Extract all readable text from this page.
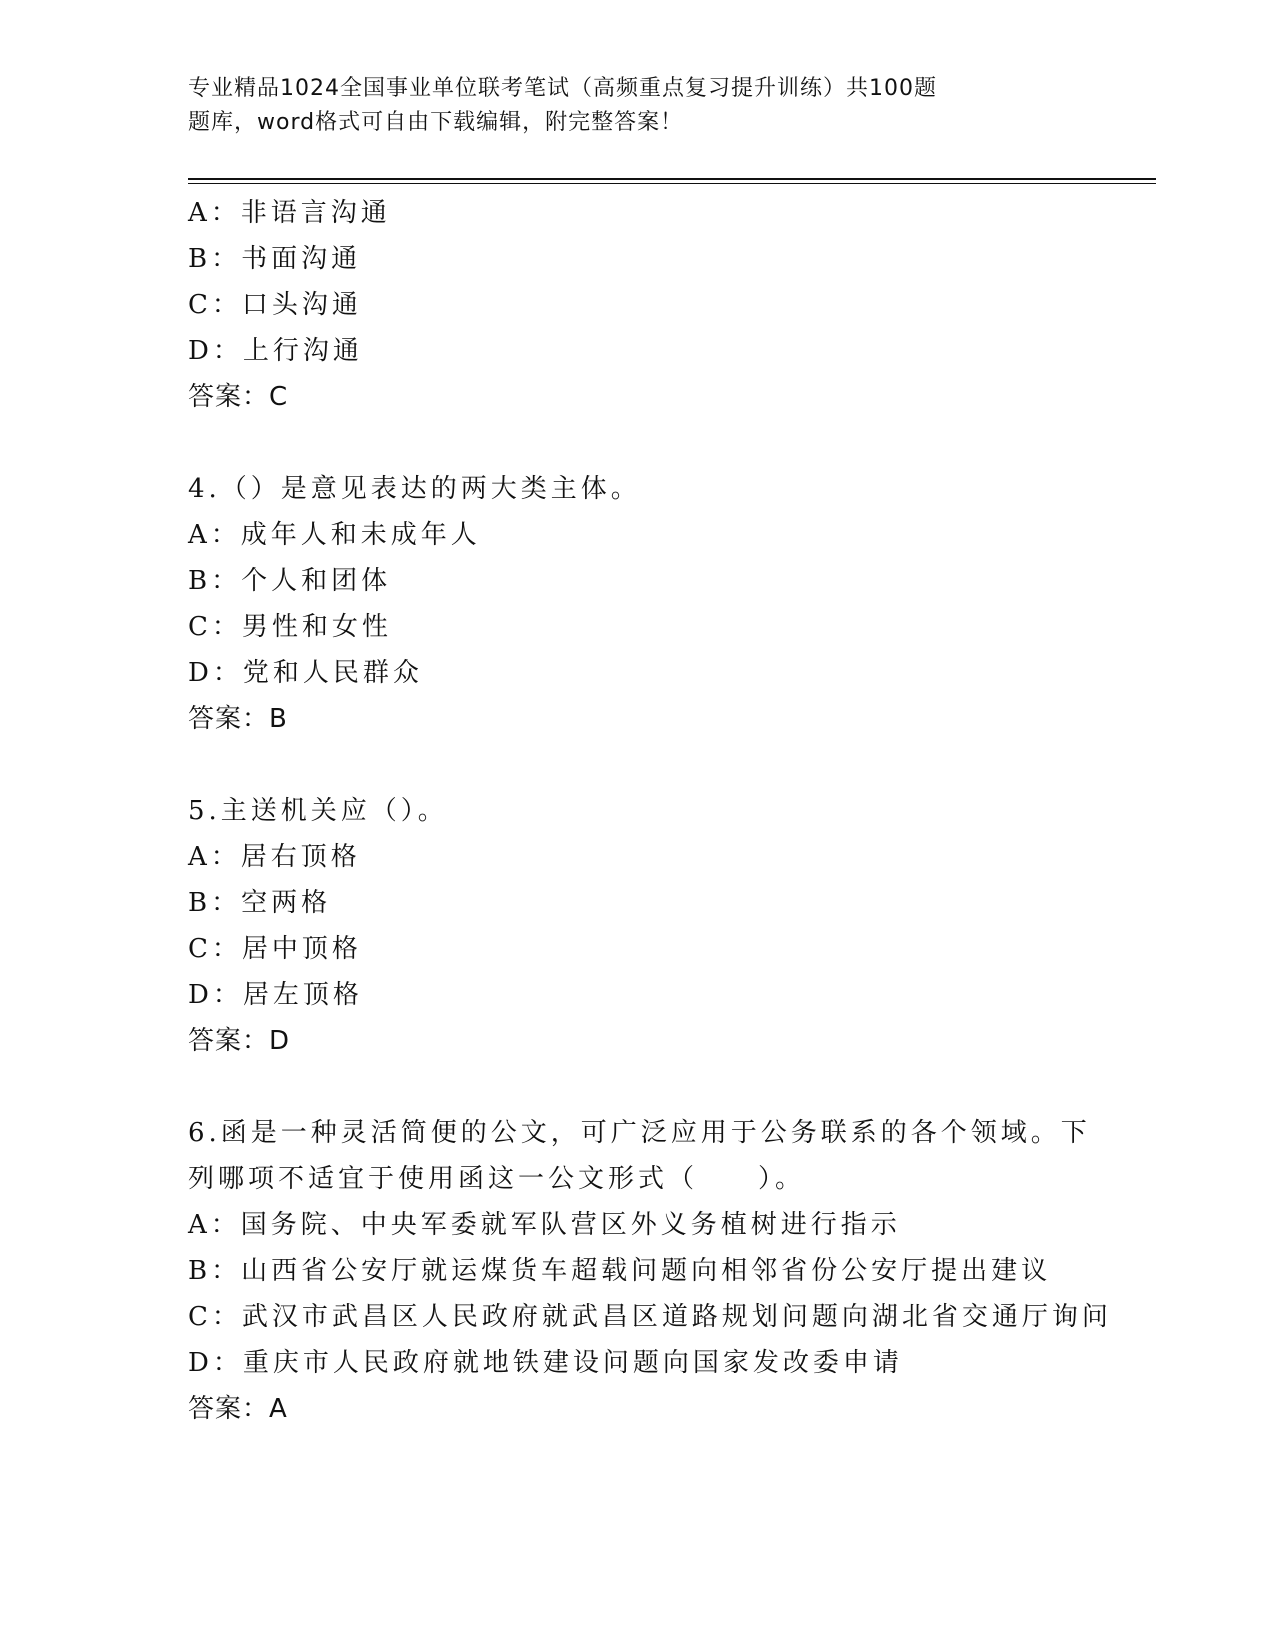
专业精品1024全国事业单位联考笔试（高频重点复习提升训练）共100题
题库，word格式可自由下载编辑，附完整答案！
A：非语言沟通
B：书面沟通
C：口头沟通
D：上行沟通
答案：C
4.（）是意见表达的两大类主体。
A：成年人和未成年人
B：个人和团体
C：男性和女性
D：党和人民群众
答案：B
5.主送机关应（）。
A：居右顶格
B：空两格
C：居中顶格
D：居左顶格
答案：D
6.函是一种灵活简便的公文，可广泛应用于公务联系的各个领域。下
列哪项不适宜于使用函这一公文形式（　　）。
A：国务院、中央军委就军队营区外义务植树进行指示
B：山西省公安厅就运煤货车超载问题向相邻省份公安厅提出建议
C：武汉市武昌区人民政府就武昌区道路规划问题向湖北省交通厅询问
D：重庆市人民政府就地铁建设问题向国家发改委申请
答案：A
